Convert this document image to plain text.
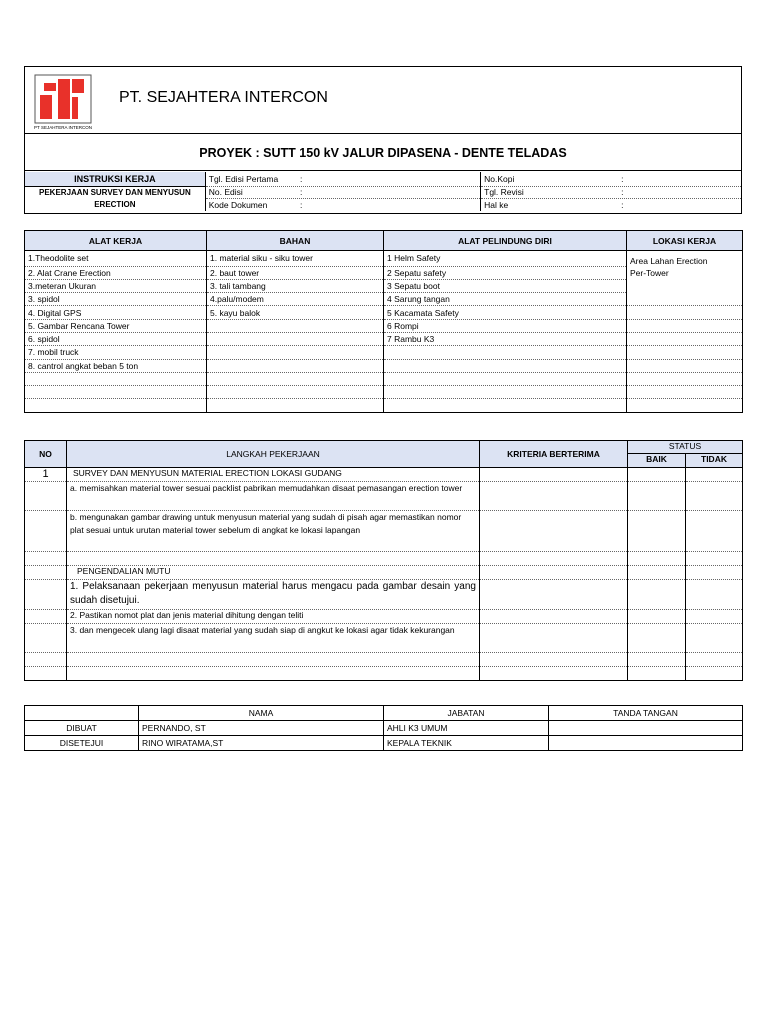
PT SEJAHTERA INTERCON
PT. SEJAHTERA INTERCON
PROYEK : SUTT 150 kV JALUR DIPASENA - DENTE TELADAS
INSTRUKSI KERJA	Tgl. Edisi Pertama :	No.Kopi :

PEKERJAAN SURVEY DAN MENYUSUN ERECTION	No. Edisi :	Tgl. Revisi :

	Kode Dokumen :	Hal ke :
ALAT KERJA	BAHAN	ALAT PELINDUNG DIRI	LOKASI KERJA
1.Theodolite set	1. material siku - siku tower	1 Helm Safety	Area Lahan Erection
2. Alat Crane Erection	2. baut tower	2 Sepatu safety	Per-Tower
3.meteran Ukuran	3. tali tambang	3 Sepatu boot	
3. spidol	4.palu/modem	4 Sarung tangan	
4. Digital GPS	5. kayu balok	5 Kacamata Safety	
5. Gambar Rencana Tower		6 Rompi	
6. spidol		7 Rambu K3	
7. mobil truck			
8. cantrol angkat beban 5 ton			

NO	LANGKAH PEKERJAAN	KRITERIA BERTERIMA	STATUS	
			BAIK	TIDAK
1	SURVEY DAN MENYUSUN MATERIAL ERECTION LOKASI GUDANG			
	a. memisahkan material tower sesuai packlist pabrikan memudahkan disaat pemasangan erection tower			
	b. mengunakan gambar drawing untuk menyusun material yang sudah di pisah agar memastikan nomor plat sesuai untuk urutan material tower sebelum di angkat ke lokasi lapangan			

	PENGENDALIAN MUTU			
	1. Pelaksanaan pekerjaan menyusun material harus mengacu pada gambar desain yang sudah disetujui.			
	2. Pastikan nomot plat dan jenis material dihitung dengan teliti			
	3. dan mengecek ulang lagi disaat material yang sudah siap di angkut ke lokasi agar tidak kekurangan			

	NAMA	JABATAN	TANDA TANGAN
DIBUAT	PERNANDO, ST	AHLI K3 UMUM	
DISETEJUI	RINO WIRATAMA,ST	KEPALA TEKNIK	
